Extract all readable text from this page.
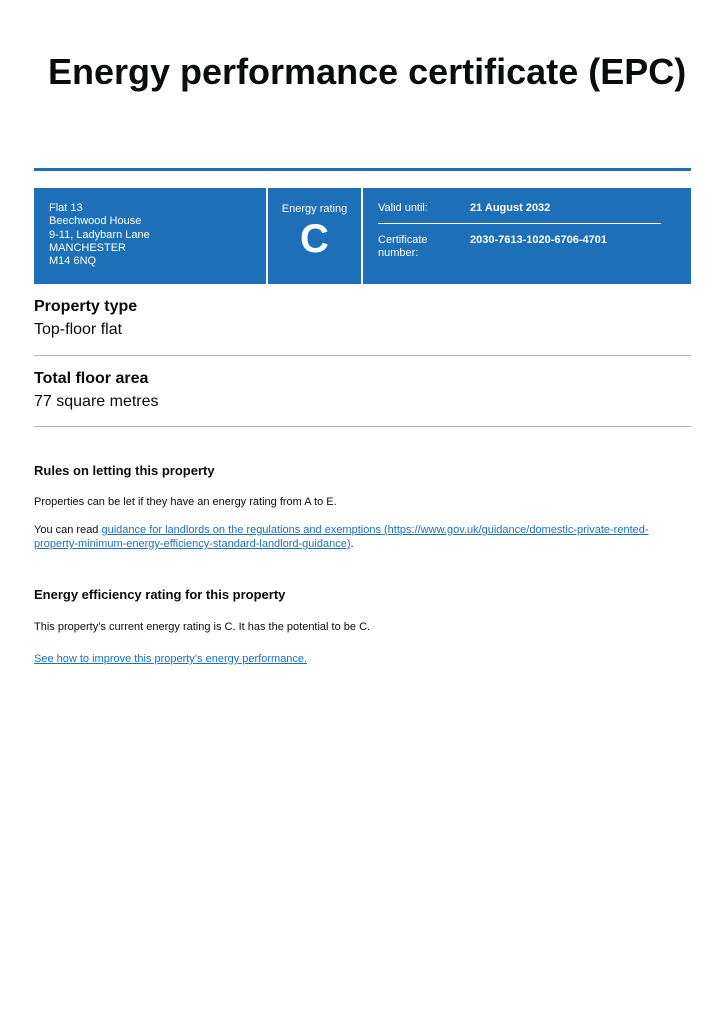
Energy performance certificate (EPC)
Flat 13
Beechwood House
9-11, Ladybarn Lane
MANCHESTER
M14 6NQ
Energy rating
C
Valid until:	21 August 2032
Certificate number:
2030-7613-1020-6706-4701
Property type

Top-floor flat

Total floor area

77 square metres

Rules on letting this property

Properties can be let if they have an energy rating from A to E.

You can read guidance for landlords on the regulations and exemptions (https://www.gov.uk/guidance/domestic-private-rented-property-minimum-energy-efficiency-standard-landlord-guidance).

Energy efficiency rating for this property

This property’s current energy rating is C. It has the potential to be C.

See how to improve this property’s energy performance.
